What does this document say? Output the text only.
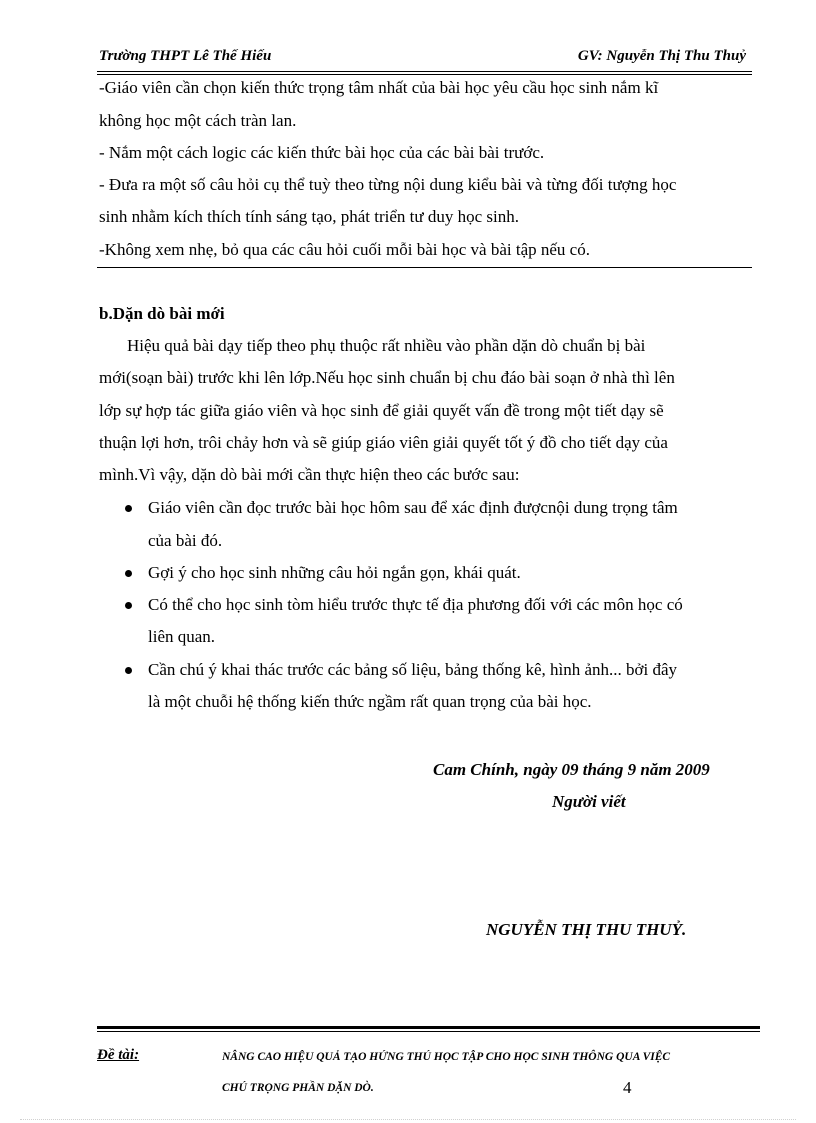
Trường THPT Lê Thế Hiếu	GV: Nguyễn Thị Thu Thuỷ
-Giáo viên cần chọn kiến thức trọng tâm nhất của bài học yêu cầu học sinh nắm kĩ
không học một cách tràn lan.
- Nắm một cách logic các kiến thức bài học của các bài bài trước.
- Đưa ra một số câu hỏi cụ thể tuỳ theo từng nội dung kiểu bài và từng đối tượng học
sinh nhằm kích thích tính sáng tạo, phát triển tư duy học sinh.
-Không xem nhẹ, bỏ qua các câu hỏi cuối mỗi bài học và bài tập nếu có.
b.Dặn dò bài mới
Hiệu quả bài dạy tiếp theo phụ thuộc rất nhiều vào phần dặn dò chuẩn bị bài
mới(soạn bài) trước khi lên lớp.Nếu học sinh chuẩn bị chu đáo bài soạn ở nhà thì lên
lớp sự hợp tác giữa giáo viên và học sinh để giải quyết vấn đề trong một tiết dạy sẽ
thuận lợi hơn, trôi chảy hơn và sẽ giúp giáo viên giải quyết tốt ý đồ cho tiết dạy của
mình.Vì vậy, dặn dò bài mới cần thực hiện theo các bước sau:
Giáo viên cần đọc trước bài học hôm sau để xác định đượcnội dung trọng tâm
của bài đó.
Gợi ý cho học sinh những câu hỏi ngắn gọn, khái quát.
Có thể cho học sinh tòm hiểu trước thực tế địa phương đối với các môn học có
liên quan.
Cần chú ý khai thác trước các bảng số liệu, bảng thống kê, hình ảnh... bởi đây
là một chuỗi hệ thống kiến thức ngầm rất quan trọng của bài học.
Cam Chính, ngày 09 tháng 9 năm 2009
Người viết
NGUYỄN THỊ THU THUỶ.
Đề tài:	NÂNG CAO HIỆU QUẢ TẠO HỨNG THÚ HỌC TẬP CHO HỌC SINH THÔNG QUA VIỆC
CHÚ TRỌNG PHẦN DẶN DÒ.	4
